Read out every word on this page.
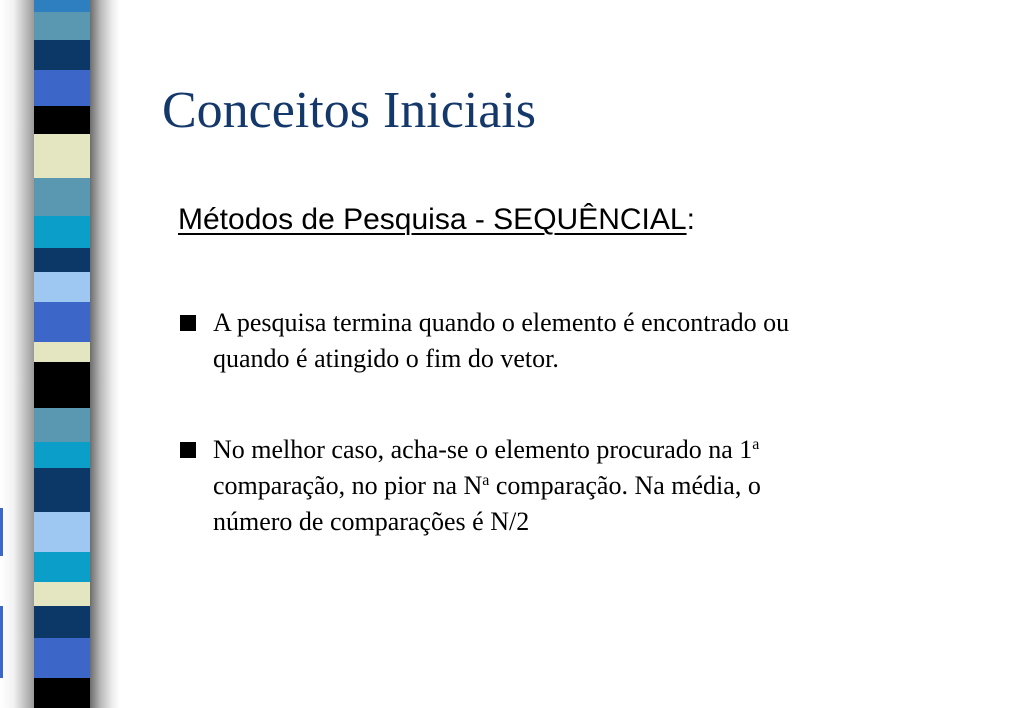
Conceitos Iniciais
Métodos de Pesquisa - SEQUÊNCIAL:
A pesquisa termina quando o elemento é encontrado ou
quando é atingido o fim do vetor.
No melhor caso, acha-se o elemento procurado na 1$^a$
comparação, no pior na $N^a$ comparação. Na média, o
número de comparações é N/2
